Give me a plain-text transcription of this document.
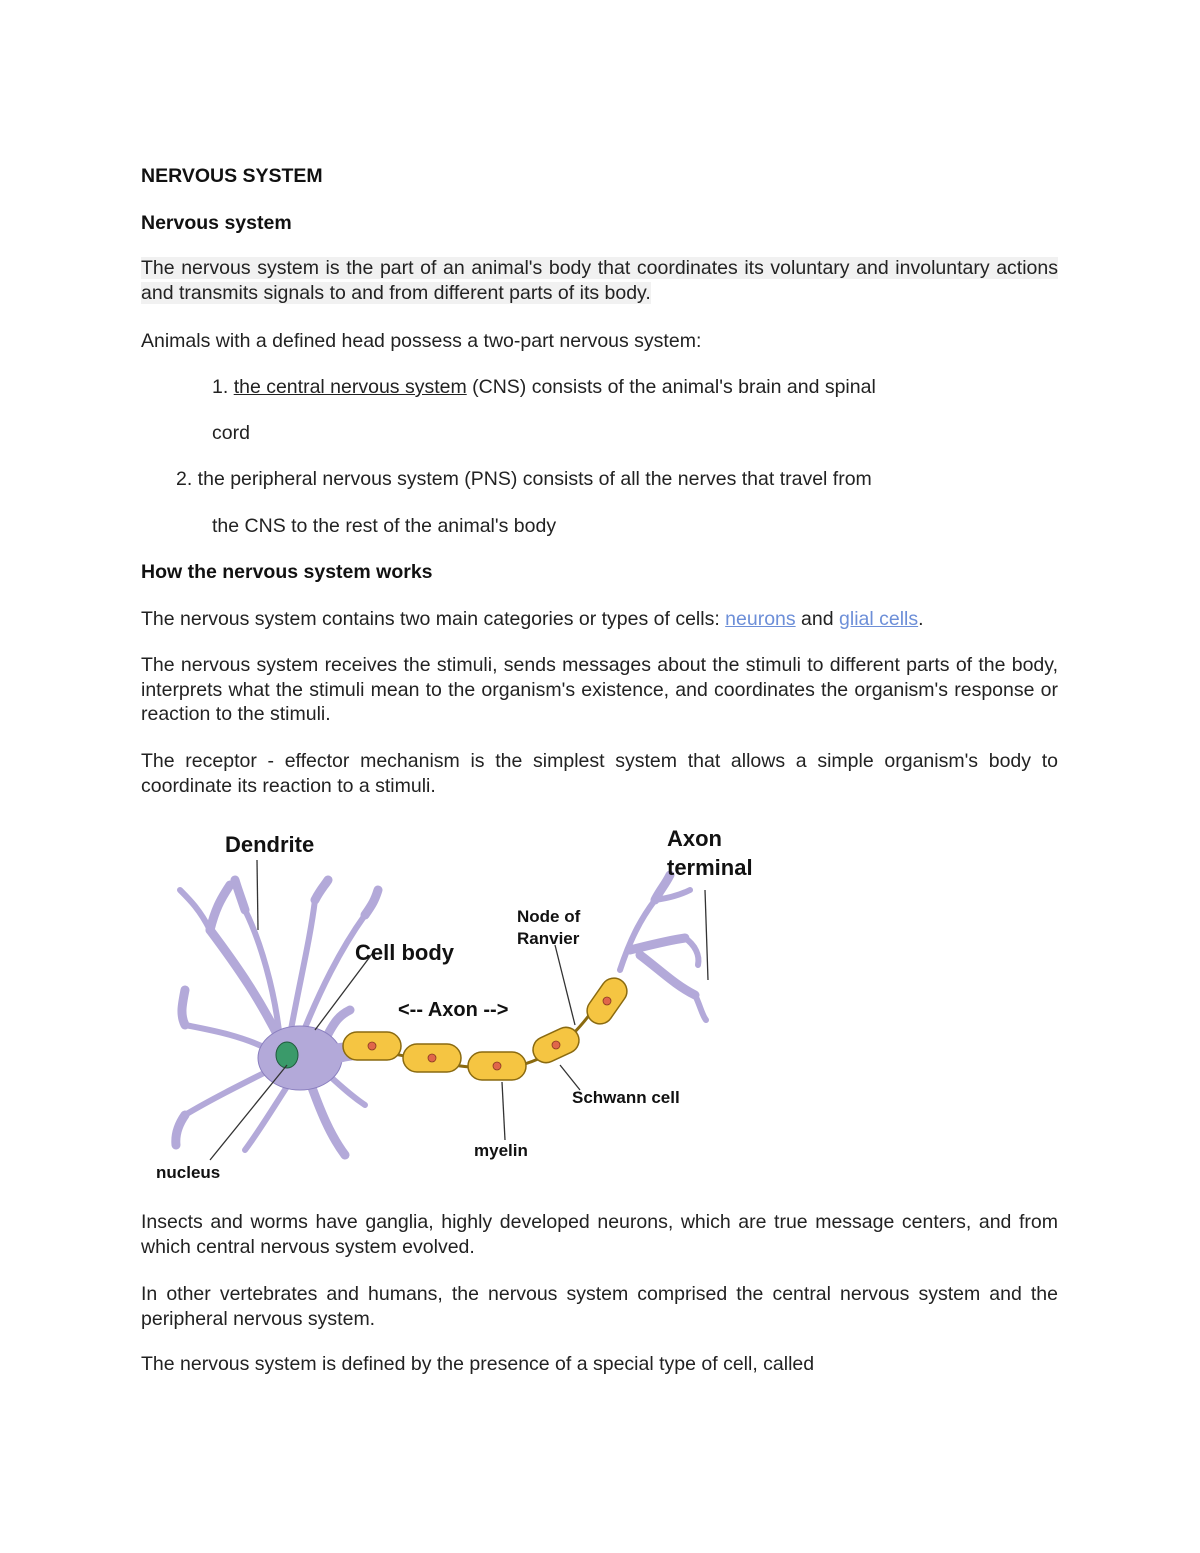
NERVOUS SYSTEM
Nervous system

The nervous system is the part of an animal's body that coordinates its voluntary and involuntary actions and transmits signals to and from different parts of its body.

Animals with a defined head possess a two-part nervous system:

1. the central nervous system (CNS) consists of the animal's brain and spinal

cord

2. the peripheral nervous system (PNS) consists of all the nerves that travel from

the CNS to the rest of the animal's body

How the nervous system works

The nervous system contains two main categories or types of cells: neurons and glial cells.

The nervous system receives the stimuli, sends messages about the stimuli to different parts of the body, interprets what the stimuli mean to the organism's existence, and coordinates the organism's response or reaction to the stimuli.

The receptor - effector mechanism is the simplest system that allows a simple organism's body to coordinate its reaction to a stimuli.

Dendrite
Cell body
<-- Axon -->
Node of
Ranvier
Axon
terminal
Schwann cell
myelin
nucleus

Insects and worms have ganglia, highly developed neurons, which are true message centers, and from which central nervous system evolved.

In other vertebrates and humans, the nervous system comprised the central nervous system and the peripheral nervous system.

The nervous system is defined by the presence of a special type of cell, called
